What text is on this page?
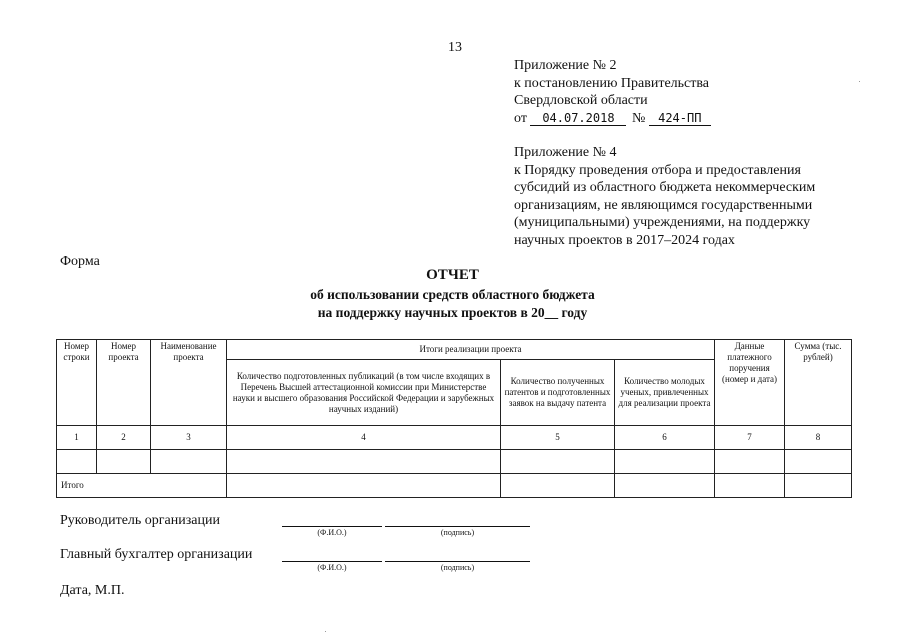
13
Приложение № 2
к постановлению Правительства
Свердловской области
от 04.07.2018 № 424-ПП
Приложение № 4
к Порядку проведения отбора и предоставления
субсидий из областного бюджета некоммерческим
организациям, не являющимся государственными
(муниципальными) учреждениями, на поддержку
научных проектов в 2017–2024 годах
Форма
ОТЧЕТ
об использовании средств областного бюджета
на поддержку научных проектов в 20__ году
Номер строки	Номер проекта	Наименование проекта	Итоги реализации проекта			Данные платежного поручения (номер и дата)	Сумма (тыс. рублей)
			Количество подготовленных публикаций (в том числе входящих в Перечень Высшей аттестационной комиссии при Министерстве науки и высшего образования Российской Федерации и зарубежных научных изданий)	Количество полученных патентов и подготовленных заявок на выдачу патента	Количество молодых ученых, привлеченных для реализации проекта		
1	2	3	4	5	6	7	8

Итого							
Руководитель организации
(Ф.И.О.)	(подпись)
Главный бухгалтер организации
(Ф.И.О.)	(подпись)
Дата, М.П.
